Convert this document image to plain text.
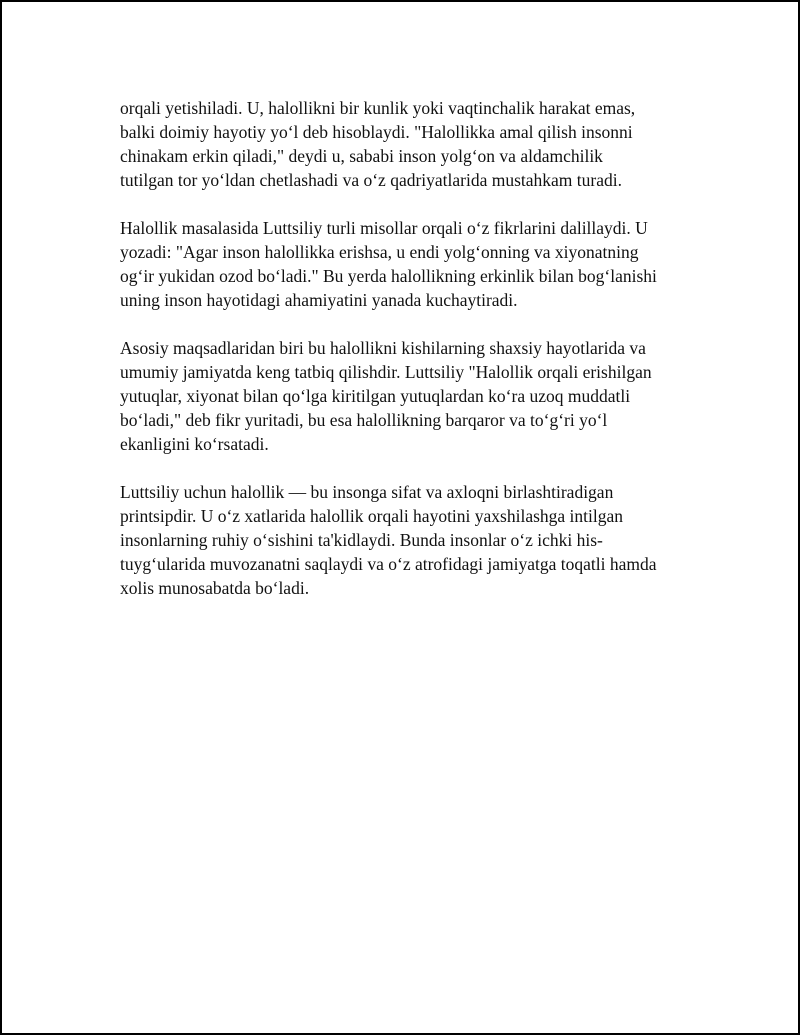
orqali yetishiladi. U, halollikni bir kunlik yoki vaqtinchalik harakat emas,
balki doimiy hayotiy yo‘l deb hisoblaydi. "Halollikka amal qilish insonni
chinakam erkin qiladi," deydi u, sababi inson yolg‘on va aldamchilik
tutilgan tor yo‘ldan chetlashadi va o‘z qadriyatlarida mustahkam turadi.

Halollik masalasida Luttsiliy turli misollar orqali o‘z fikrlarini dalillaydi. U
yozadi: "Agar inson halollikka erishsa, u endi yolg‘onning va xiyonatning
og‘ir yukidan ozod bo‘ladi." Bu yerda halollikning erkinlik bilan bog‘lanishi
uning inson hayotidagi ahamiyatini yanada kuchaytiradi.

Asosiy maqsadlaridan biri bu halollikni kishilarning shaxsiy hayotlarida va
umumiy jamiyatda keng tatbiq qilishdir. Luttsiliy "Halollik orqali erishilgan
yutuqlar, xiyonat bilan qo‘lga kiritilgan yutuqlardan ko‘ra uzoq muddatli
bo‘ladi," deb fikr yuritadi, bu esa halollikning barqaror va to‘g‘ri yo‘l
ekanligini ko‘rsatadi.

Luttsiliy uchun halollik — bu insonga sifat va axloqni birlashtiradigan
printsipdir. U o‘z xatlarida halollik orqali hayotini yaxshilashga intilgan
insonlarning ruhiy o‘sishini ta'kidlaydi. Bunda insonlar o‘z ichki his-
tuyg‘ularida muvozanatni saqlaydi va o‘z atrofidagi jamiyatga toqatli hamda
xolis munosabatda bo‘ladi.
